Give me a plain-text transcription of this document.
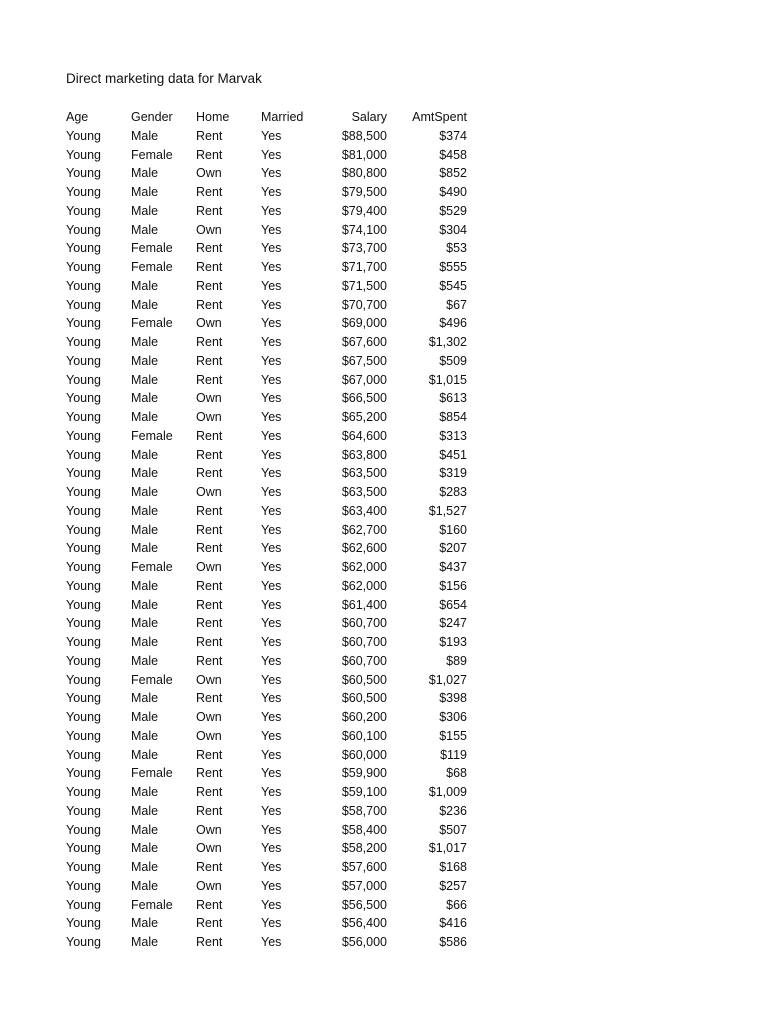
Direct marketing data for Marvak
Age	Gender	Home	Married	Salary	AmtSpent
Young	Male	Rent	Yes	$88,500	$374
Young	Female	Rent	Yes	$81,000	$458
Young	Male	Own	Yes	$80,800	$852
Young	Male	Rent	Yes	$79,500	$490
Young	Male	Rent	Yes	$79,400	$529
Young	Male	Own	Yes	$74,100	$304
Young	Female	Rent	Yes	$73,700	$53
Young	Female	Rent	Yes	$71,700	$555
Young	Male	Rent	Yes	$71,500	$545
Young	Male	Rent	Yes	$70,700	$67
Young	Female	Own	Yes	$69,000	$496
Young	Male	Rent	Yes	$67,600	$1,302
Young	Male	Rent	Yes	$67,500	$509
Young	Male	Rent	Yes	$67,000	$1,015
Young	Male	Own	Yes	$66,500	$613
Young	Male	Own	Yes	$65,200	$854
Young	Female	Rent	Yes	$64,600	$313
Young	Male	Rent	Yes	$63,800	$451
Young	Male	Rent	Yes	$63,500	$319
Young	Male	Own	Yes	$63,500	$283
Young	Male	Rent	Yes	$63,400	$1,527
Young	Male	Rent	Yes	$62,700	$160
Young	Male	Rent	Yes	$62,600	$207
Young	Female	Own	Yes	$62,000	$437
Young	Male	Rent	Yes	$62,000	$156
Young	Male	Rent	Yes	$61,400	$654
Young	Male	Rent	Yes	$60,700	$247
Young	Male	Rent	Yes	$60,700	$193
Young	Male	Rent	Yes	$60,700	$89
Young	Female	Own	Yes	$60,500	$1,027
Young	Male	Rent	Yes	$60,500	$398
Young	Male	Own	Yes	$60,200	$306
Young	Male	Own	Yes	$60,100	$155
Young	Male	Rent	Yes	$60,000	$119
Young	Female	Rent	Yes	$59,900	$68
Young	Male	Rent	Yes	$59,100	$1,009
Young	Male	Rent	Yes	$58,700	$236
Young	Male	Own	Yes	$58,400	$507
Young	Male	Own	Yes	$58,200	$1,017
Young	Male	Rent	Yes	$57,600	$168
Young	Male	Own	Yes	$57,000	$257
Young	Female	Rent	Yes	$56,500	$66
Young	Male	Rent	Yes	$56,400	$416
Young	Male	Rent	Yes	$56,000	$586
